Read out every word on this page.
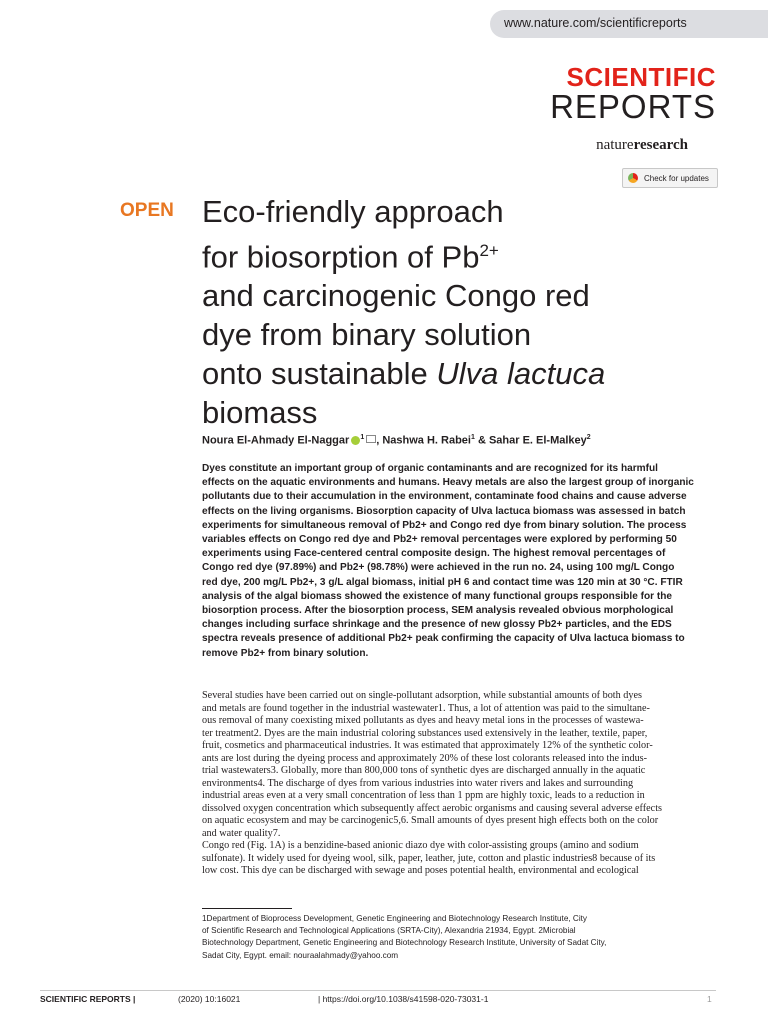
www.nature.com/scientificreports
SCIENTIFIC
REPORTS
natureresearch
Check for updates
OPEN Eco-friendly approach
for biosorption of $Pb^{2+}$
and carcinogenic Congo red
dye from binary solution
onto sustainable Ulva lactuca
biomass
Noura El-Ahmady El-Naggar $^1$ , Nashwa H. Rabei$^1$ & Sahar E. El-Malkey$^2$

Dyes constitute an important group of organic contaminants and are recognized for its harmful

effects on the aquatic environments and humans. Heavy metals are also the largest group of inorganic

pollutants due to their accumulation in the environment, contaminate food chains and cause adverse

effects on the living organisms. Biosorption capacity of Ulva lactuca biomass was assessed in batch

experiments for simultaneous removal of Pb2+ and Congo red dye from binary solution. The process

variables effects on Congo red dye and Pb2+ removal percentages were explored by performing 50

experiments using Face-centered central composite design. The highest removal percentages of

Congo red dye (97.89%) and Pb2+ (98.78%) were achieved in the run no. 24, using 100 mg/L Congo

red dye, 200 mg/L Pb2+, 3 g/L algal biomass, initial pH 6 and contact time was 120 min at 30 °C. FTIR

analysis of the algal biomass showed the existence of many functional groups responsible for the

biosorption process. After the biosorption process, SEM analysis revealed obvious morphological

changes including surface shrinkage and the presence of new glossy Pb2+ particles, and the EDS

spectra reveals presence of additional Pb2+ peak confirming the capacity of Ulva lactuca biomass to

remove Pb2+ from binary solution.

Several studies have been carried out on single-pollutant adsorption, while substantial amounts of both dyes

and metals are found together in the industrial wastewater1. Thus, a lot of attention was paid to the simultane-

ous removal of many coexisting mixed pollutants as dyes and heavy metal ions in the processes of wastewa-

ter treatment2. Dyes are the main industrial coloring substances used extensively in the leather, textile, paper,

fruit, cosmetics and pharmaceutical industries. It was estimated that approximately 12% of the synthetic color-

ants are lost during the dyeing process and approximately 20% of these lost colorants released into the indus-

trial wastewaters3. Globally, more than 800,000 tons of synthetic dyes are discharged annually in the aquatic

environments4. The discharge of dyes from various industries into water rivers and lakes and surrounding

industrial areas even at a very small concentration of less than 1 ppm are highly toxic, leads to a reduction in

dissolved oxygen concentration which subsequently affect aerobic organisms and causing several adverse effects

on aquatic ecosystem and may be carcinogenic5,6. Small amounts of dyes present high effects both on the color

and water quality7.

Congo red (Fig. 1A) is a benzidine-based anionic diazo dye with color-assisting groups (amino and sodium

sulfonate). It widely used for dyeing wool, silk, paper, leather, jute, cotton and plastic industries8 because of its

low cost. This dye can be discharged with sewage and poses potential health, environmental and ecological

1Department of Bioprocess Development, Genetic Engineering and Biotechnology Research Institute, City

of Scientific Research and Technological Applications (SRTA-City), Alexandria 21934, Egypt. 2Microbial

Biotechnology Department, Genetic Engineering and Biotechnology Research Institute, University of Sadat City,

Sadat City, Egypt. email: nouraalahmady@yahoo.com

SCIENTIFIC REPORTS |	(2020) 10:16021	| https://doi.org/10.1038/s41598-020-73031-1	1
